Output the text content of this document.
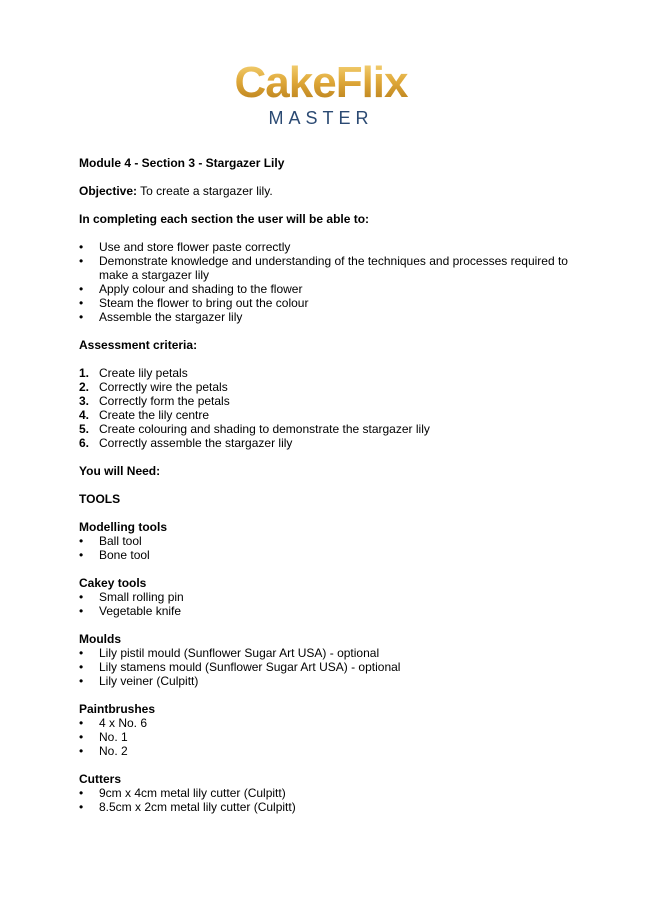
CakeFlix
MASTER

Module 4 - Section 3 - Stargazer Lily

Objective: To create a stargazer lily.

In completing each section the user will be able to:

• Use and store flower paste correctly
• Demonstrate knowledge and understanding of the techniques and processes required to make a stargazer lily
• Apply colour and shading to the flower
• Steam the flower to bring out the colour
• Assemble the stargazer lily

Assessment criteria:

1. Create lily petals
2. Correctly wire the petals
3. Correctly form the petals
4. Create the lily centre
5. Create colouring and shading to demonstrate the stargazer lily
6. Correctly assemble the stargazer lily

You will Need:

TOOLS

Modelling tools

• Ball tool
• Bone tool

Cakey tools

• Small rolling pin
• Vegetable knife

Moulds

• Lily pistil mould (Sunflower Sugar Art USA) - optional
• Lily stamens mould (Sunflower Sugar Art USA) - optional
• Lily veiner (Culpitt)

Paintbrushes

• 4 x No. 6
• No. 1
• No. 2

Cutters

• 9cm x 4cm metal lily cutter (Culpitt)
• 8.5cm x 2cm metal lily cutter (Culpitt)
